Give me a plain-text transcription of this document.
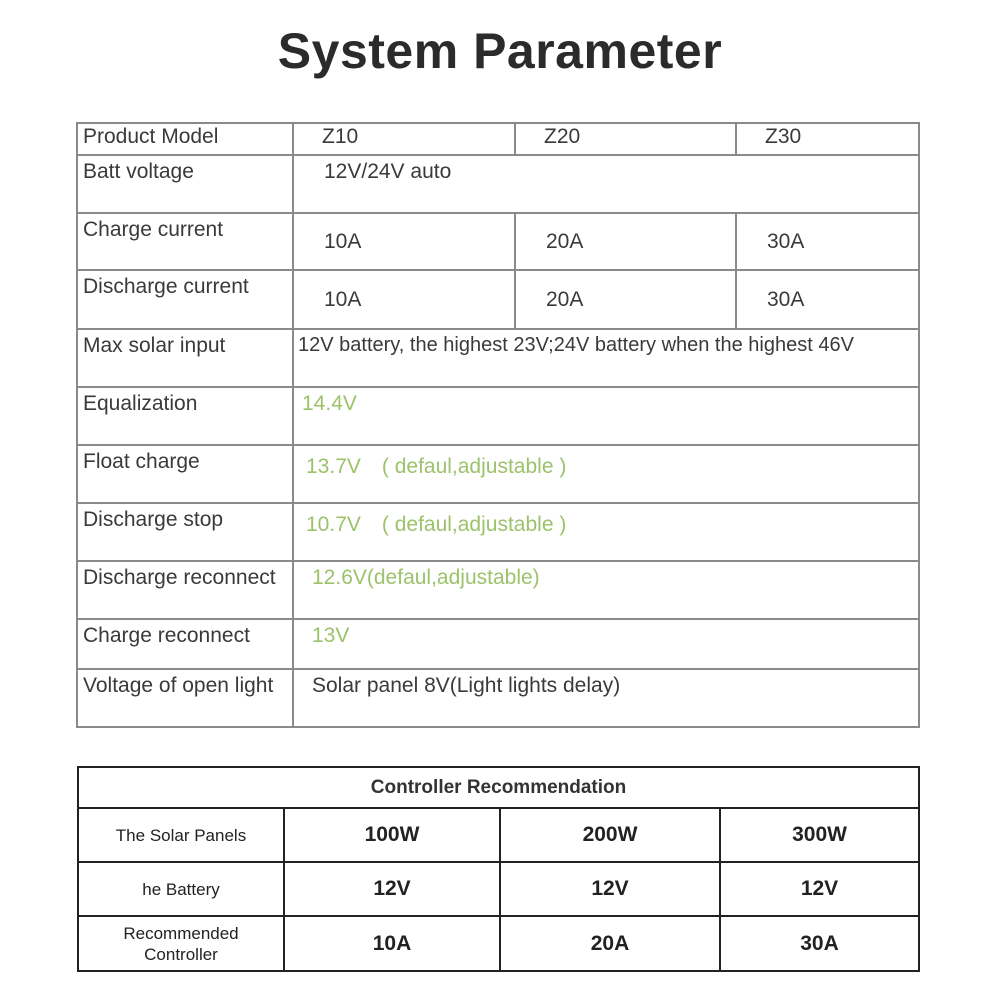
System Parameter
Product Model	Z10	Z20	Z30
Batt voltage	12V/24V auto		
Charge current	10A	20A	30A
Discharge current	10A	20A	30A
Max solar input	12V battery, the highest 23V;24V battery when the highest 46V		
Equalization	14.4V		
Float charge	13.7V　( defaul,adjustable )		
Discharge stop	10.7V　( defaul,adjustable )		
Discharge reconnect	12.6V(defaul,adjustable)		
Charge reconnect	13V		
Voltage of open light	Solar panel 8V(Light lights delay)		
Controller Recommendation			
The Solar Panels	100W	200W	300W
he Battery	12V	12V	12V
Recommended Controller	10A	20A	30A
